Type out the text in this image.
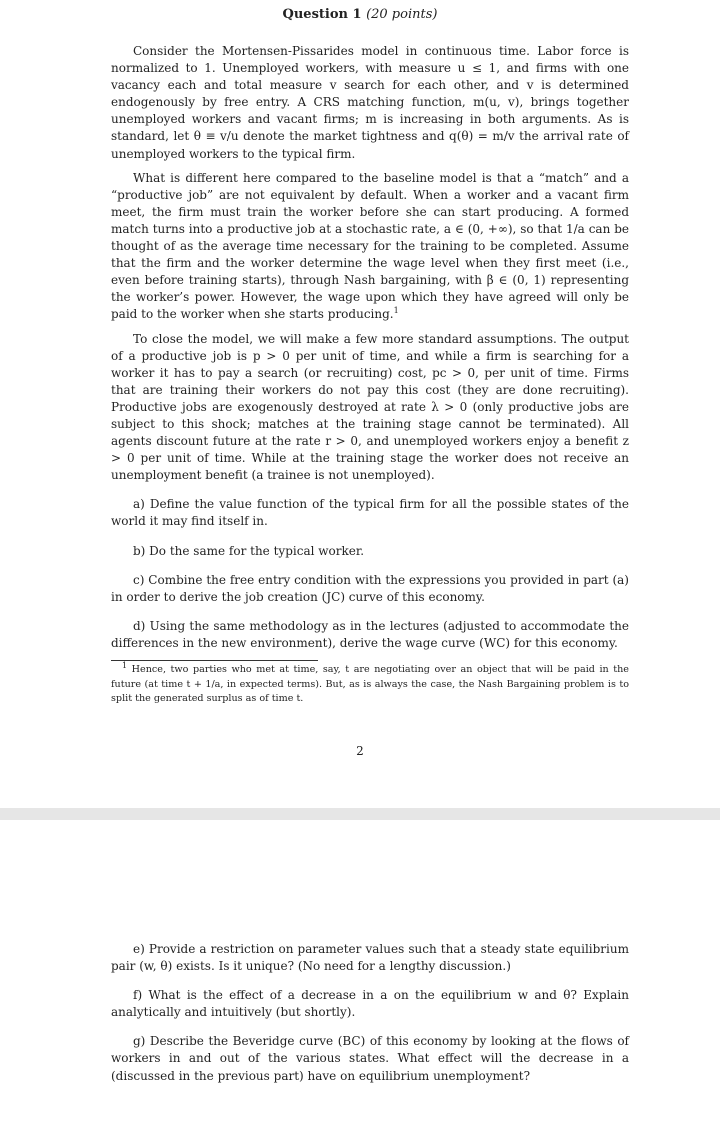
Question 1 (20 points)

Consider the Mortensen-Pissarides model in continuous time. Labor force is normalized to 1. Unemployed workers, with measure u ≤ 1, and firms with one vacancy each and total measure v search for each other, and v is determined endogenously by free entry. A CRS matching function, m(u, v), brings together unemployed workers and vacant firms; m is increasing in both arguments. As is standard, let θ ≡ v/u denote the market tightness and q(θ) = m/v the arrival rate of unemployed workers to the typical firm.

What is different here compared to the baseline model is that a “match” and a “productive job” are not equivalent by default. When a worker and a vacant firm meet, the firm must train the worker before she can start producing. A formed match turns into a productive job at a stochastic rate, a ∈ (0, +∞), so that 1/a can be thought of as the average time necessary for the training to be completed. Assume that the firm and the worker determine the wage level when they first meet (i.e., even before training starts), through Nash bargaining, with β ∈ (0, 1) representing the worker’s power. However, the wage upon which they have agreed will only be paid to the worker when she starts producing.$^1$

To close the model, we will make a few more standard assumptions. The output of a productive job is p > 0 per unit of time, and while a firm is searching for a worker it has to pay a search (or recruiting) cost, pc > 0, per unit of time. Firms that are training their workers do not pay this cost (they are done recruiting). Productive jobs are exogenously destroyed at rate λ > 0 (only productive jobs are subject to this shock; matches at the training stage cannot be terminated). All agents discount future at the rate r > 0, and unemployed workers enjoy a benefit z > 0 per unit of time. While at the training stage the worker does not receive an unemployment benefit (a trainee is not unemployed).

a) Define the value function of the typical firm for all the possible states of the world it may find itself in.

b) Do the same for the typical worker.

c) Combine the free entry condition with the expressions you provided in part (a) in order to derive the job creation (JC) curve of this economy.

d) Using the same methodology as in the lectures (adjusted to accommodate the differences in the new environment), derive the wage curve (WC) for this economy.

$^1$ Hence, two parties who met at time, say, t are negotiating over an object that will be paid in the future (at time t + 1/a, in expected terms). But, as is always the case, the Nash Bargaining problem is to split the generated surplus as of time t.
2

e) Provide a restriction on parameter values such that a steady state equilibrium pair (w, θ) exists. Is it unique? (No need for a lengthy discussion.)

f) What is the effect of a decrease in a on the equilibrium w and θ? Explain analytically and intuitively (but shortly).

g) Describe the Beveridge curve (BC) of this economy by looking at the flows of workers in and out of the various states. What effect will the decrease in a (discussed in the previous part) have on equilibrium unemployment?
